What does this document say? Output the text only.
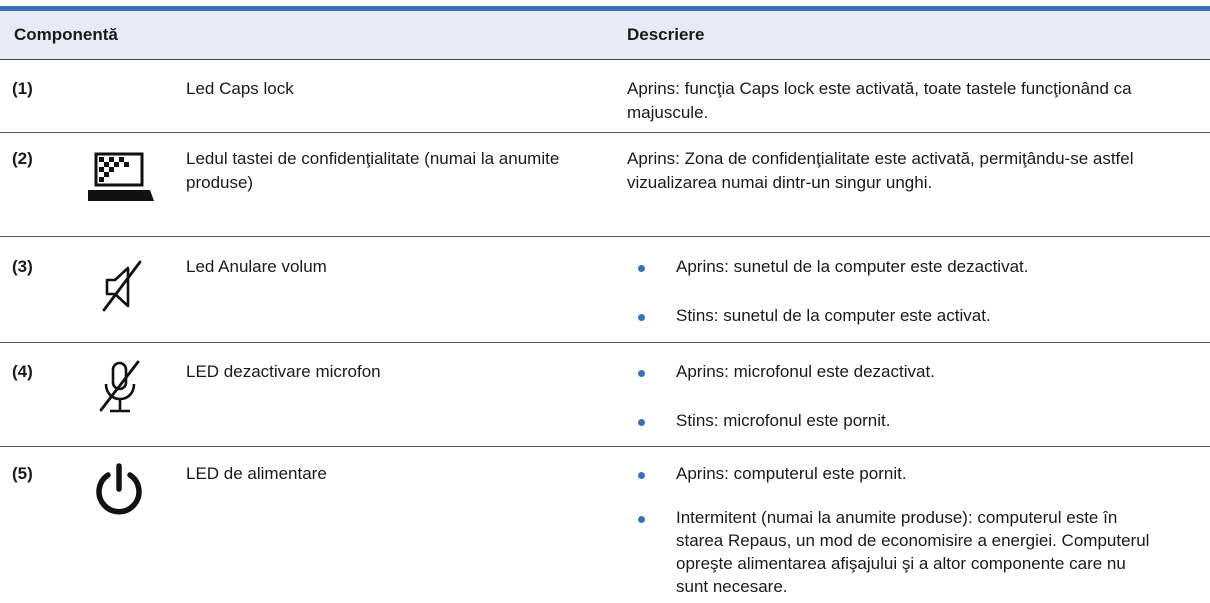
Componentă	Descriere
(1)	Led Caps lock	Aprins: funcţia Caps lock este activată, toate tastele funcţionând ca majuscule.
(2)	Ledul tastei de confidenţialitate (numai la anumite produse)
Aprins: Zona de confidenţialitate este activată, permiţându-se astfel vizualizarea numai dintr-un singur unghi.
(3)	Led Anulare volum	Aprins: sunetul de la computer este dezactivat.
Stins: sunetul de la computer este activat.
(4)	LED dezactivare microfon	Aprins: microfonul este dezactivat.
Stins: microfonul este pornit.
(5)	LED de alimentare	Aprins: computerul este pornit.
Intermitent (numai la anumite produse): computerul este în starea Repaus, un mod de economisire a energiei. Computerul opreşte alimentarea afişajului şi a altor componente care nu sunt necesare.
